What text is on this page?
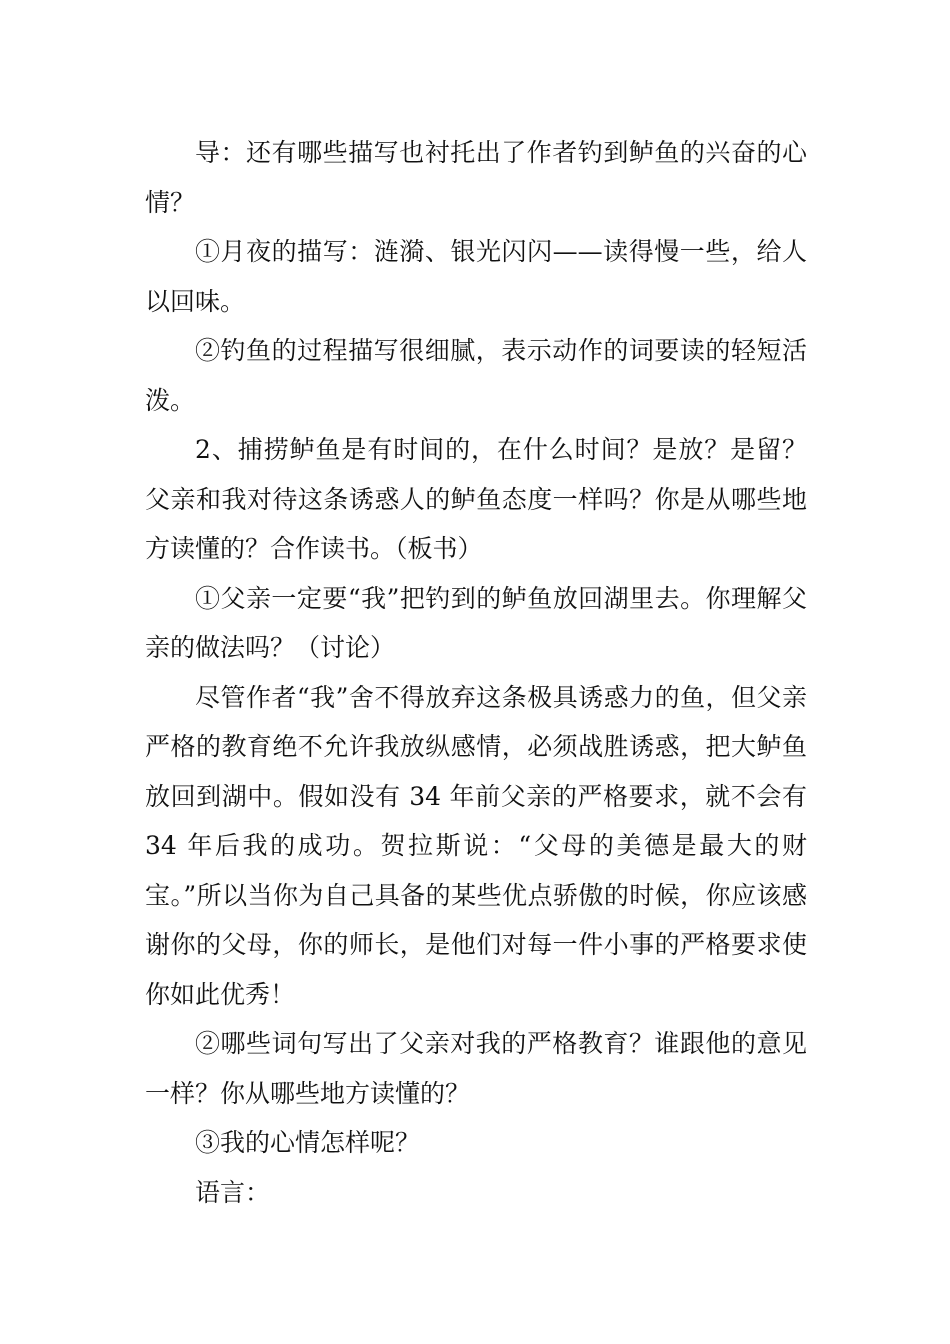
导：还有哪些描写也衬托出了作者钓到鲈鱼的兴奋的心情？

①月夜的描写：涟漪、银光闪闪——读得慢一些，给人以回味。

②钓鱼的过程描写很细腻，表示动作的词要读的轻短活泼。

2、捕捞鲈鱼是有时间的，在什么时间？是放？是留？父亲和我对待这条诱惑人的鲈鱼态度一样吗？你是从哪些地方读懂的？合作读书。（板书）

①父亲一定要“我”把钓到的鲈鱼放回湖里去。你理解父亲的做法吗？（讨论）

尽管作者“我”舍不得放弃这条极具诱惑力的鱼，但父亲严格的教育绝不允许我放纵感情，必须战胜诱惑，把大鲈鱼放回到湖中。假如没有 34 年前父亲的严格要求，就不会有 34 年后我的成功。贺拉斯说：“父母的美德是最大的财宝。”所以当你为自己具备的某些优点骄傲的时候，你应该感谢你的父母，你的师长，是他们对每一件小事的严格要求使你如此优秀！

②哪些词句写出了父亲对我的严格教育？谁跟他的意见一样？你从哪些地方读懂的？

③我的心情怎样呢？

语言：
